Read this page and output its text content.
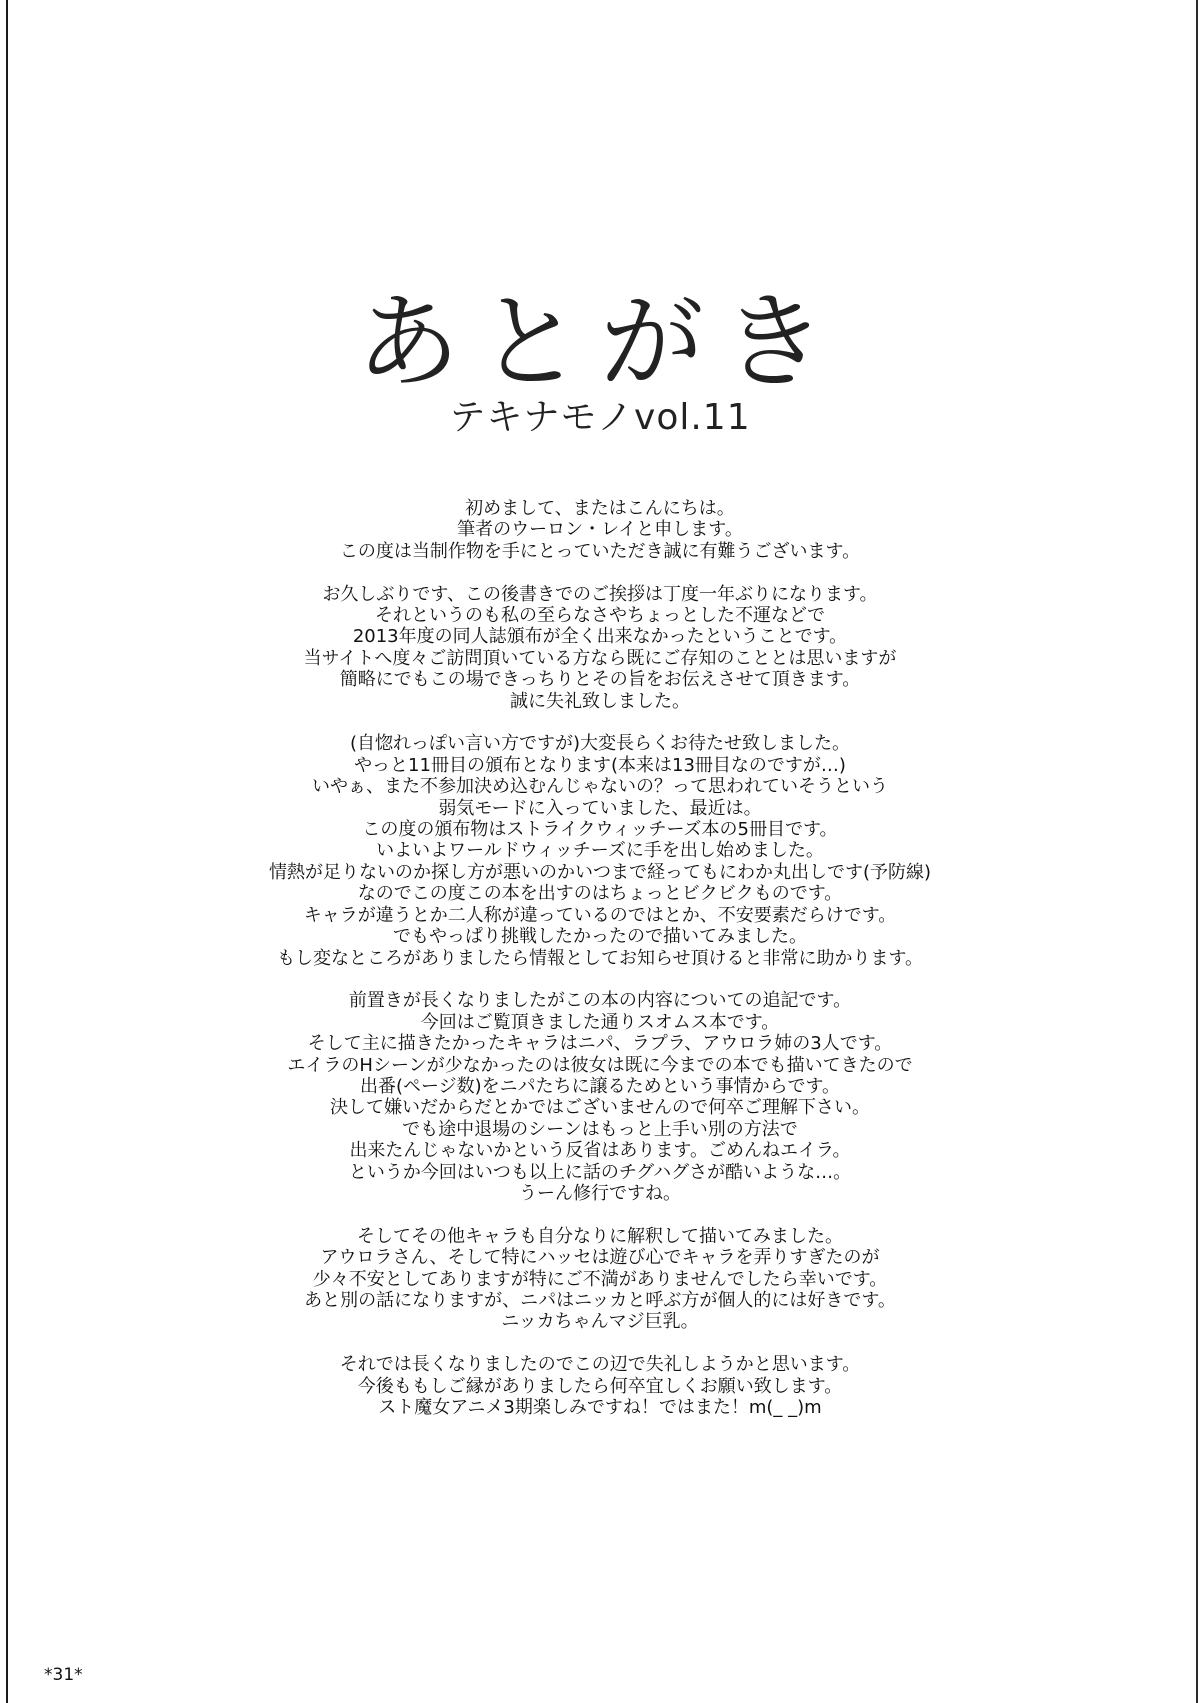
あとがき
テキナモノvol.11
初めまして、またはこんにちは。
筆者のウーロン・レイと申します。
この度は当制作物を手にとっていただき誠に有難うございます。
お久しぶりです、この後書きでのご挨拶は丁度一年ぶりになります。
それというのも私の至らなさやちょっとした不運などで
2013年度の同人誌頒布が全く出来なかったということです。
当サイトへ度々ご訪問頂いている方なら既にご存知のこととは思いますが
簡略にでもこの場できっちりとその旨をお伝えさせて頂きます。
誠に失礼致しました。
(自惚れっぽい言い方ですが)大変長らくお待たせ致しました。
やっと11冊目の頒布となります(本来は13冊目なのですが…)
いやぁ、また不参加決め込むんじゃないの？って思われていそうという
弱気モードに入っていました、最近は。
この度の頒布物はストライクウィッチーズ本の5冊目です。
いよいよワールドウィッチーズに手を出し始めました。
情熱が足りないのか探し方が悪いのかいつまで経ってもにわか丸出しです(予防線)
なのでこの度この本を出すのはちょっとビクビクものです。
キャラが違うとか二人称が違っているのではとか、不安要素だらけです。
でもやっぱり挑戦したかったので描いてみました。
もし変なところがありましたら情報としてお知らせ頂けると非常に助かります。
前置きが長くなりましたがこの本の内容についての追記です。
今回はご覧頂きました通りスオムス本です。
そして主に描きたかったキャラはニパ、ラプラ、アウロラ姉の3人です。
エイラのHシーンが少なかったのは彼女は既に今までの本でも描いてきたので
出番(ページ数)をニパたちに譲るためという事情からです。
決して嫌いだからだとかではございませんので何卒ご理解下さい。
でも途中退場のシーンはもっと上手い別の方法で
出来たんじゃないかという反省はあります。ごめんねエイラ。
というか今回はいつも以上に話のチグハグさが酷いような…。
うーん修行ですね。
そしてその他キャラも自分なりに解釈して描いてみました。
アウロラさん、そして特にハッセは遊び心でキャラを弄りすぎたのが
少々不安としてありますが特にご不満がありませんでしたら幸いです。
あと別の話になりますが、ニパはニッカと呼ぶ方が個人的には好きです。
ニッカちゃんマジ巨乳。
それでは長くなりましたのでこの辺で失礼しようかと思います。
今後ももしご縁がありましたら何卒宜しくお願い致します。
スト魔女アニメ3期楽しみですね！ではまた！m(_ _)m
*31*
